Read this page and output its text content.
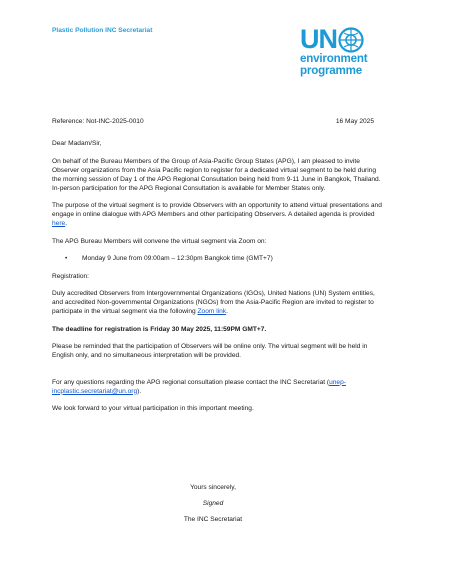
Plastic Pollution INC Secretariat	UN
environment
programme
Reference: Not-INC-2025-0010	16 May 2025

Dear Madam/Sir,

On behalf of the Bureau Members of the Group of Asia-Pacific Group States (APG), I am pleased to invite Observer organizations from the Asia Pacific region to register for a dedicated virtual segment to be held during the morning session of Day 1 of the APG Regional Consultation being held from 9-11 June in Bangkok, Thailand. In-person participation for the APG Regional Consultation is available for Member States only.

The purpose of the virtual segment is to provide Observers with an opportunity to attend virtual presentations and engage in online dialogue with APG Members and other participating Observers. A detailed agenda is provided here.

The APG Bureau Members will convene the virtual segment via Zoom on:

•	Monday 9 June from 09:00am – 12:30pm Bangkok time (GMT+7)

Registration:

Duly accredited Observers from Intergovernmental Organizations (IGOs), United Nations (UN) System entities, and accredited Non-governmental Organizations (NGOs) from the Asia-Pacific Region are invited to register to participate in the virtual segment via the following Zoom link.

The deadline for registration is Friday 30 May 2025, 11:59PM GMT+7.

Please be reminded that the participation of Observers will be online only. The virtual segment will be held in English only, and no simultaneous interpretation will be provided.

For any questions regarding the APG regional consultation please contact the INC Secretariat (unep-incplastic.secretariat@un.org).

We look forward to your virtual participation in this important meeting.

Yours sincerely,
Signed
The INC Secretariat
